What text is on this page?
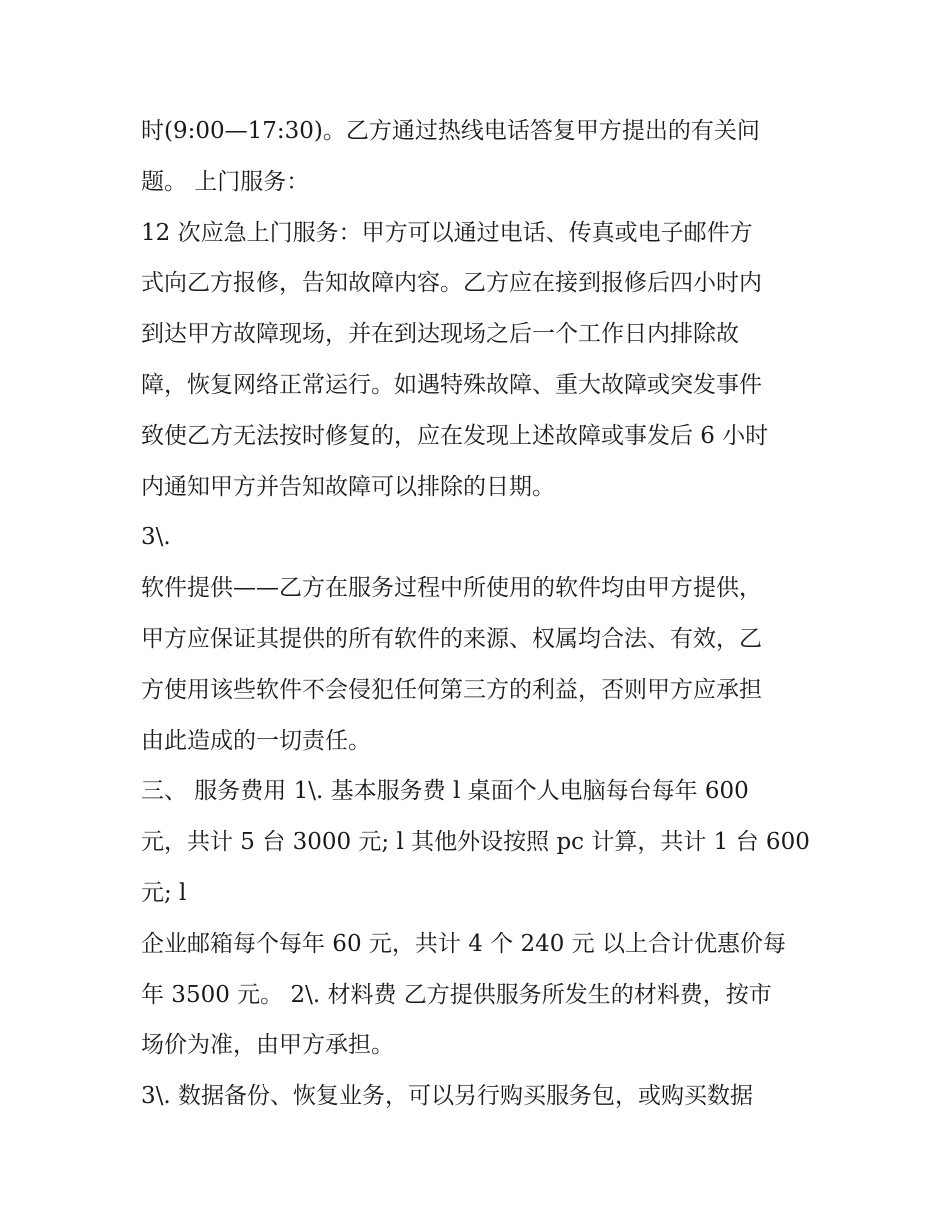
时(9:00—17:30)。乙方通过热线电话答复甲方提出的有关问
题。 上门服务：
12 次应急上门服务：甲方可以通过电话、传真或电子邮件方
式向乙方报修，告知故障内容。乙方应在接到报修后四小时内
到达甲方故障现场，并在到达现场之后一个工作日内排除故
障，恢复网络正常运行。如遇特殊故障、重大故障或突发事件
致使乙方无法按时修复的，应在发现上述故障或事发后 6 小时
内通知甲方并告知故障可以排除的日期。
3\.
软件提供——乙方在服务过程中所使用的软件均由甲方提供，
甲方应保证其提供的所有软件的来源、权属均合法、有效，乙
方使用该些软件不会侵犯任何第三方的利益，否则甲方应承担
由此造成的一切责任。
三、 服务费用 1\. 基本服务费 l 桌面个人电脑每台每年 600
元，共计 5 台 3000 元; l 其他外设按照 pc 计算，共计 1 台 600
元; l
企业邮箱每个每年 60 元，共计 4 个 240 元 以上合计优惠价每
年 3500 元。 2\. 材料费 乙方提供服务所发生的材料费，按市
场价为准，由甲方承担。
3\. 数据备份、恢复业务，可以另行购买服务包，或购买数据
